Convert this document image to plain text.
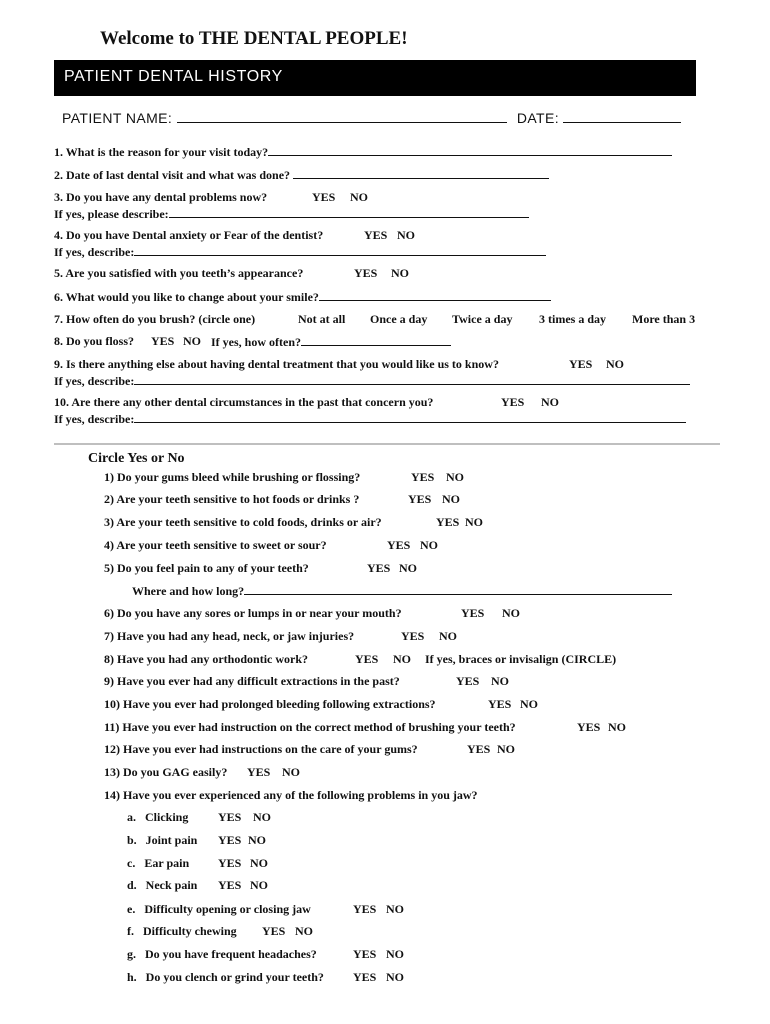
Welcome to THE DENTAL PEOPLE!
PATIENT DENTAL HISTORY
PATIENT NAME:	DATE:
1. What is the reason for your visit today?
2. Date of last dental visit and what was done?
3. Do you have any dental problems now?	YES NO
If yes, please describe:
4. Do you have Dental anxiety or Fear of the dentist?	YES NO
If yes, describe:
5. Are you satisfied with you teeth’s appearance?	YES NO
6. What would you like to change about your smile?
7. How often do you brush? (circle one)	Not at all Once a day Twice a day 3 times a day More than 3
8. Do you floss? YES NO If yes, how often?
9. Is there anything else about having dental treatment that you would like us to know?	YES NO
If yes, describe:
10. Are there any other dental circumstances in the past that concern you?	YES NO
If yes, describe:
Circle Yes or No
1) Do your gums bleed while brushing or flossing?	YES NO
2) Are your teeth sensitive to hot foods or drinks ?	YES NO
3) Are your teeth sensitive to cold foods, drinks or air?	YES NO
4) Are your teeth sensitive to sweet or sour?	YES NO
5) Do you feel pain to any of your teeth?	YES NO
Where and how long?
6) Do you have any sores or lumps in or near your mouth?	YES NO
7) Have you had any head, neck, or jaw injuries?	YES NO
8) Have you had any orthodontic work?	YES NO If yes, braces or invisalign (CIRCLE)
9) Have you ever had any difficult extractions in the past?	YES NO
10) Have you ever had prolonged bleeding following extractions?	YES NO
11) Have you ever had instruction on the correct method of brushing your teeth?	YES NO
12) Have you ever had instructions on the care of your gums?	YES NO
13) Do you GAG easily? YES NO
14) Have you ever experienced any of the following problems in you jaw?
a.   Clicking YES NO
b.   Joint pain YES NO
c.   Ear pain YES NO
d.   Neck pain YES NO
e.   Difficulty opening or closing jaw	YES NO
f.   Difficulty chewing YES NO
g.   Do you have frequent headaches?	YES NO
h.   Do you clench or grind your teeth? YES NO
